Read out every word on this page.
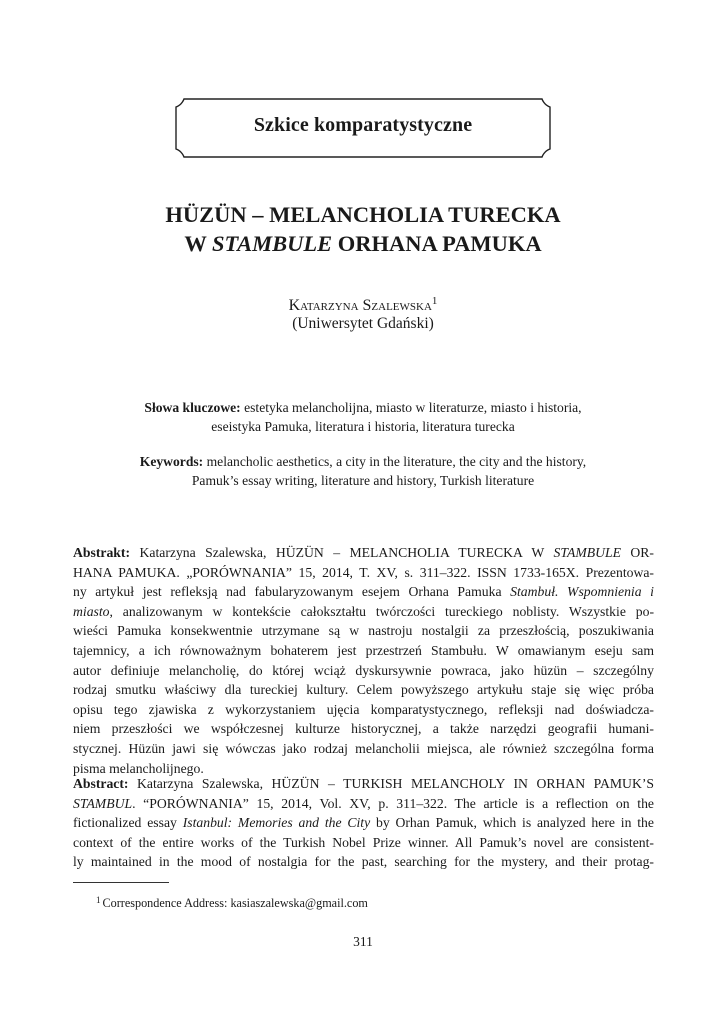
Szkice komparatystyczne
HÜZÜN – MELANCHOLIA TURECKA
W STAMBULE ORHANA PAMUKA
Katarzyna Szalewska$^1$
(Uniwersytet Gdański)
Słowa kluczowe: estetyka melancholijna, miasto w literaturze, miasto i historia,
eseistyka Pamuka, literatura i historia, literatura turecka
Keywords: melancholic aesthetics, a city in the literature, the city and the history,
Pamuk’s essay writing, literature and history, Turkish literature
Abstrakt: Katarzyna Szalewska, HÜZÜN – MELANCHOLIA TURECKA W STAMBULE OR-
HANA PAMUKA. „PORÓWNANIA” 15, 2014, T. XV, s. 311–322. ISSN 1733-165X. Prezentowa-
ny artykuł jest refleksją nad fabularyzowanym esejem Orhana Pamuka Stambuł. Wspomnienia i
miasto, analizowanym w kontekście całokształtu twórczości tureckiego noblisty. Wszystkie po-
wieści Pamuka konsekwentnie utrzymane są w nastroju nostalgii za przeszłością, poszukiwania
tajemnicy, a ich równoważnym bohaterem jest przestrzeń Stambułu. W omawianym eseju sam
autor definiuje melancholię, do której wciąż dyskursywnie powraca, jako hüzün – szczególny
rodzaj smutku właściwy dla tureckiej kultury. Celem powyższego artykułu staje się więc próba
opisu tego zjawiska z wykorzystaniem ujęcia komparatystycznego, refleksji nad doświadcza-
niem przeszłości we współczesnej kulturze historycznej, a także narzędzi geografii humani-
stycznej. Hüzün jawi się wówczas jako rodzaj melancholii miejsca, ale również szczególna forma
pisma melancholijnego.
Abstract: Katarzyna Szalewska, HÜZÜN – TURKISH MELANCHOLY IN ORHAN PAMUK’S
STAMBUL. “PORÓWNANIA” 15, 2014, Vol. XV, p. 311–322. The article is a reflection on the
fictionalized essay Istanbul: Memories and the City by Orhan Pamuk, which is analyzed here in the
context of the entire works of the Turkish Nobel Prize winner. All Pamuk’s novel are consistent-
ly maintained in the mood of nostalgia for the past, searching for the mystery, and their protag-
$^1$ Correspondence Address: kasiaszalewska@gmail.com
311
